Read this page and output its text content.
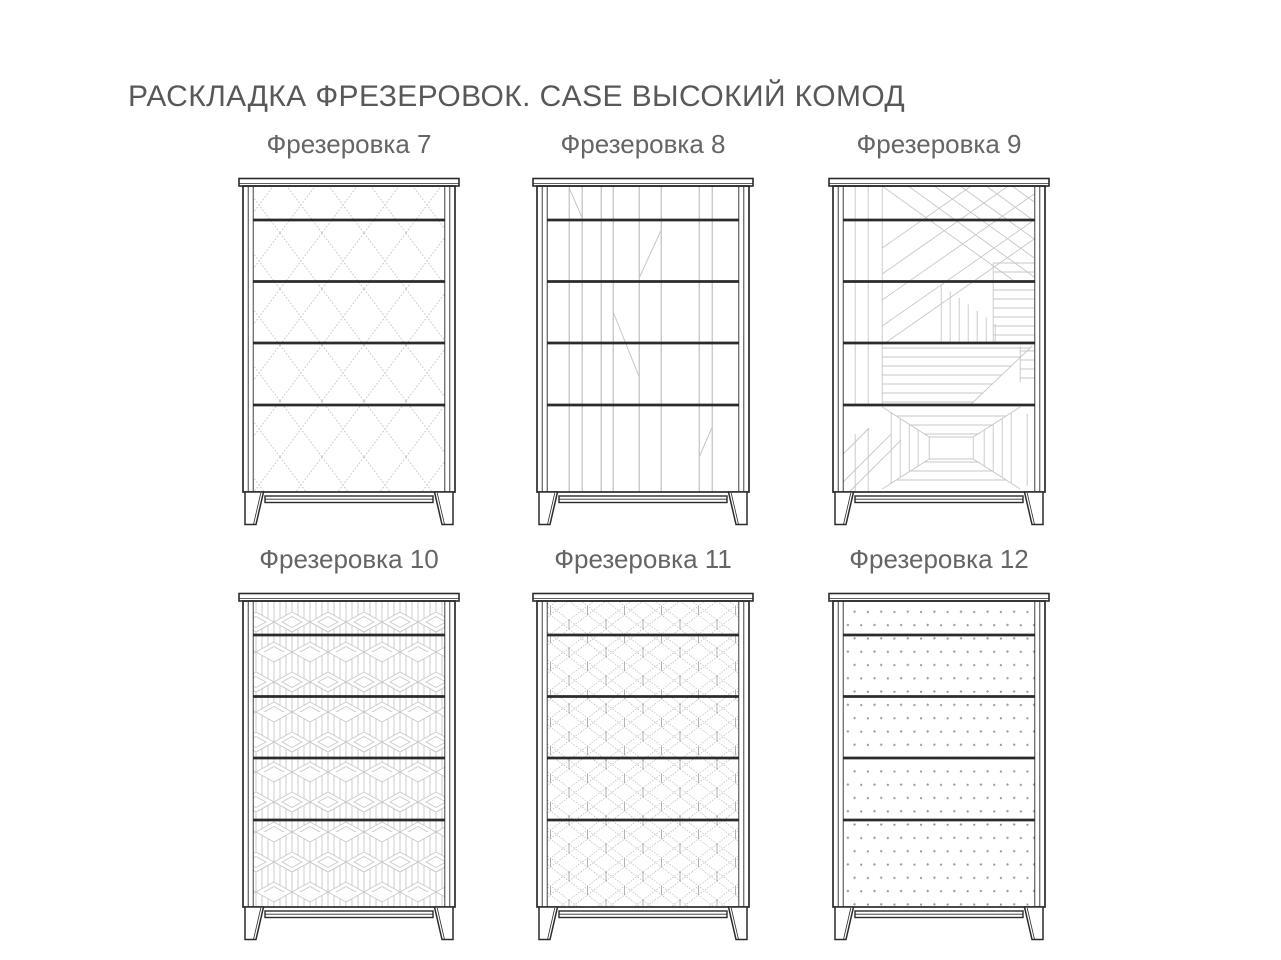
РАСКЛАДКА ФРЕЗЕРОВОК. CASE ВЫСОКИЙ КОМОД
Фрезеровка 7	Фрезеровка 8	Фрезеровка 9
Фрезеровка 10	Фрезеровка 11	Фрезеровка 12
